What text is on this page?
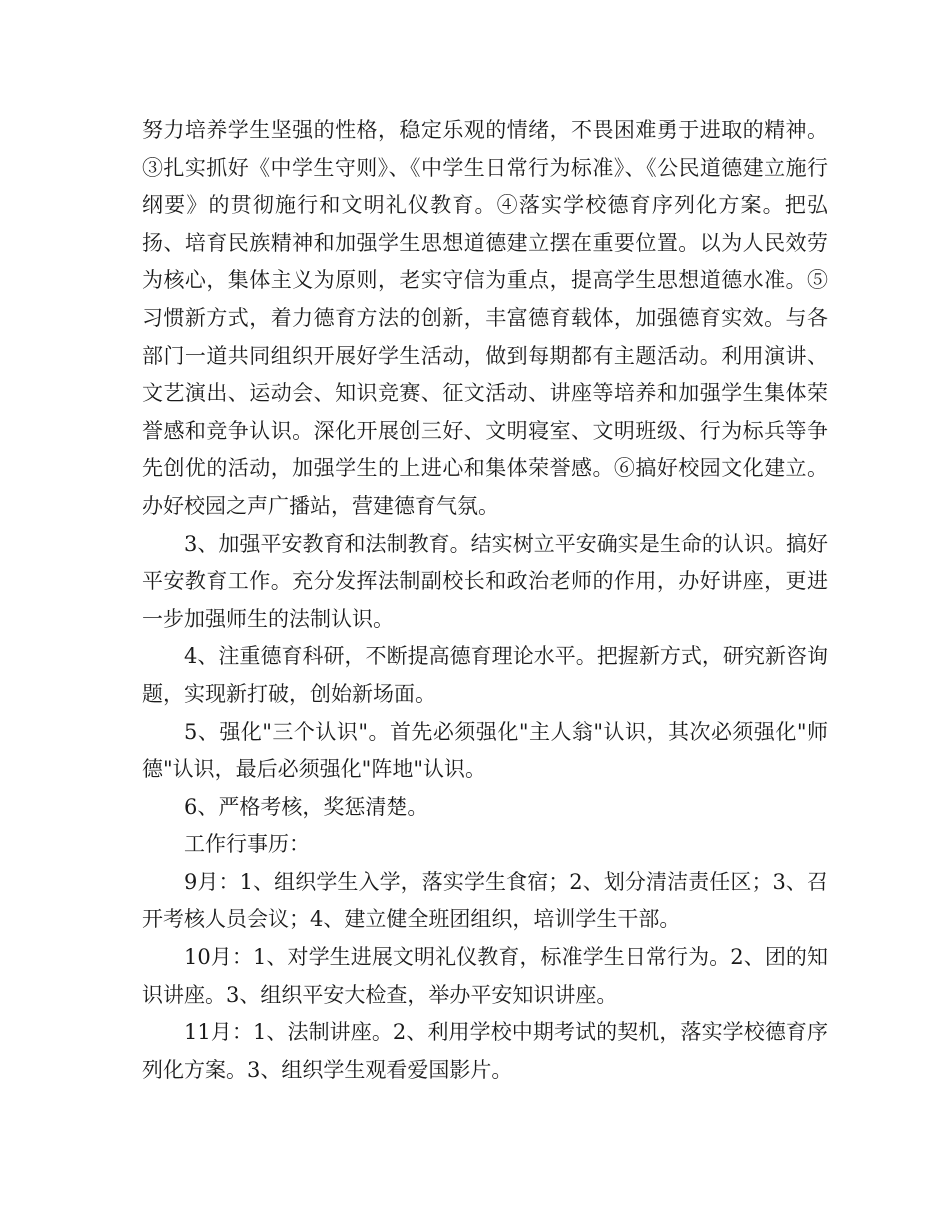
努力培养学生坚强的性格，稳定乐观的情绪，不畏困难勇于进取的精神。③扎实抓好《中学生守则》、《中学生日常行为标准》、《公民道德建立施行纲要》的贯彻施行和文明礼仪教育。④落实学校德育序列化方案。把弘扬、培育民族精神和加强学生思想道德建立摆在重要位置。以为人民效劳为核心，集体主义为原则，老实守信为重点，提高学生思想道德水准。⑤习惯新方式，着力德育方法的创新，丰富德育载体，加强德育实效。与各部门一道共同组织开展好学生活动，做到每期都有主题活动。利用演讲、文艺演出、运动会、知识竞赛、征文活动、讲座等培养和加强学生集体荣誉感和竞争认识。深化开展创三好、文明寝室、文明班级、行为标兵等争先创优的活动，加强学生的上进心和集体荣誉感。⑥搞好校园文化建立。办好校园之声广播站，营建德育气氛。

3、加强平安教育和法制教育。结实树立平安确实是生命的认识。搞好平安教育工作。充分发挥法制副校长和政治老师的作用，办好讲座，更进一步加强师生的法制认识。

4、注重德育科研，不断提高德育理论水平。把握新方式，研究新咨询题，实现新打破，创始新场面。

5、强化"三个认识"。首先必须强化"主人翁"认识，其次必须强化"师德"认识，最后必须强化"阵地"认识。

6、严格考核，奖惩清楚。

工作行事历：

9月：1、组织学生入学，落实学生食宿；2、划分清洁责任区；3、召开考核人员会议；4、建立健全班团组织，培训学生干部。

10月：1、对学生进展文明礼仪教育，标准学生日常行为。2、团的知识讲座。3、组织平安大检查，举办平安知识讲座。

11月：1、法制讲座。2、利用学校中期考试的契机，落实学校德育序列化方案。3、组织学生观看爱国影片。
